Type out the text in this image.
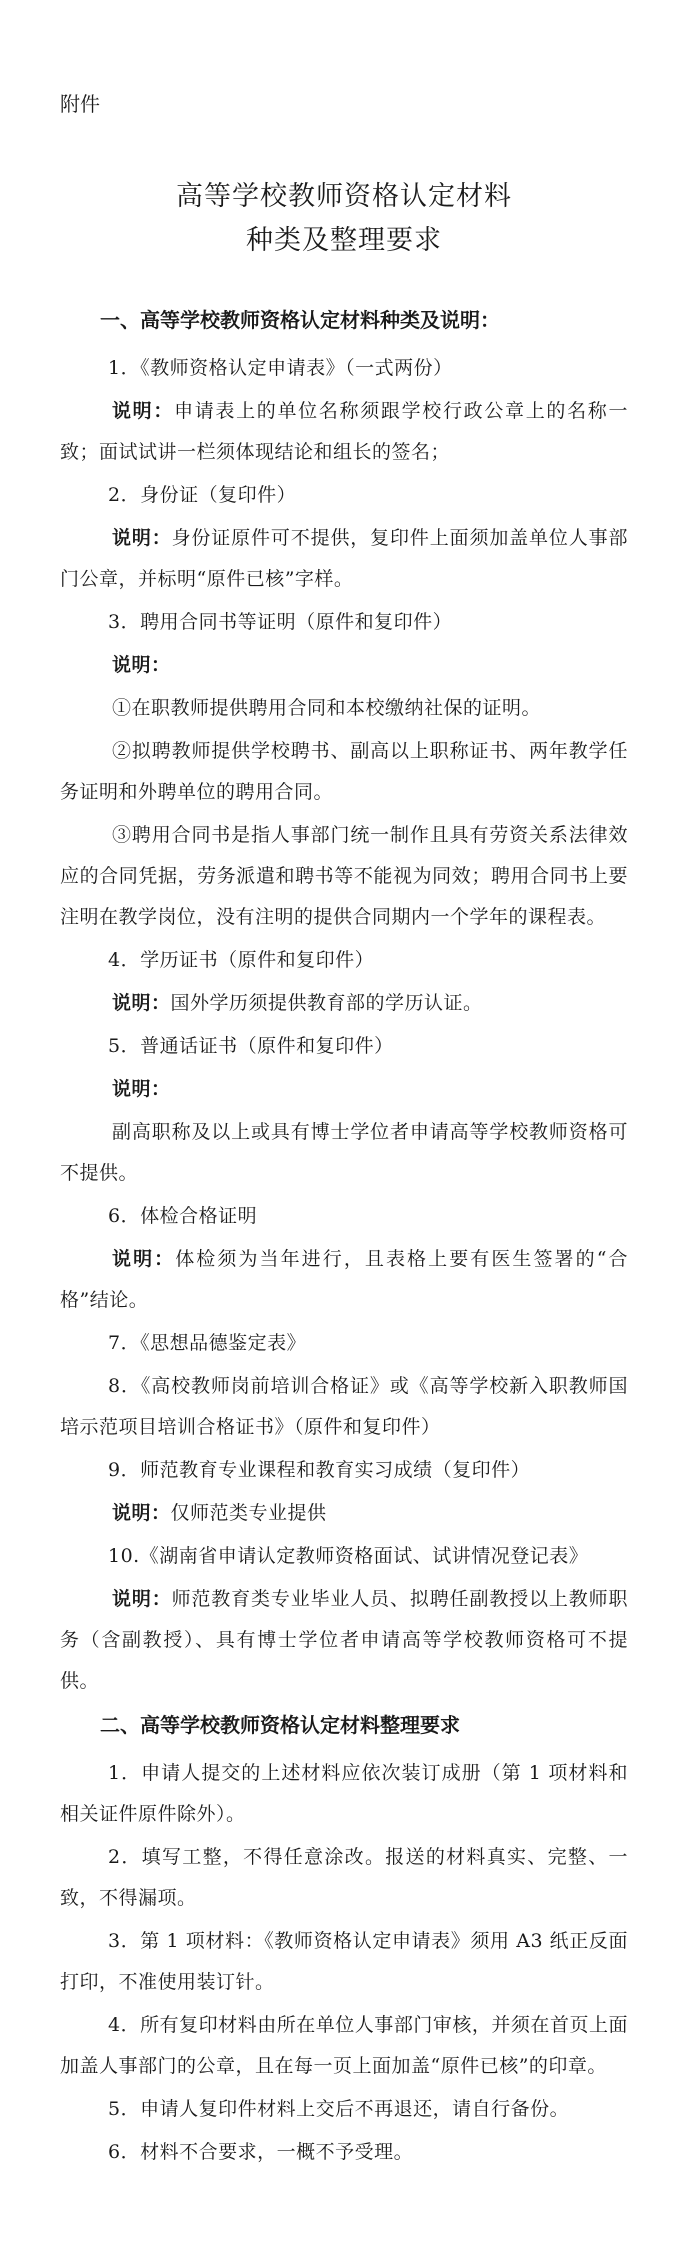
附件
高等学校教师资格认定材料
种类及整理要求
一、高等学校教师资格认定材料种类及说明：
1．《教师资格认定申请表》（一式两份）
说明：申请表上的单位名称须跟学校行政公章上的名称一致；面试试讲一栏须体现结论和组长的签名；
2．身份证（复印件）
说明：身份证原件可不提供，复印件上面须加盖单位人事部门公章，并标明“原件已核”字样。
3．聘用合同书等证明（原件和复印件）
说明：
①在职教师提供聘用合同和本校缴纳社保的证明。
②拟聘教师提供学校聘书、副高以上职称证书、两年教学任务证明和外聘单位的聘用合同。
③聘用合同书是指人事部门统一制作且具有劳资关系法律效应的合同凭据，劳务派遣和聘书等不能视为同效；聘用合同书上要注明在教学岗位，没有注明的提供合同期内一个学年的课程表。
4．学历证书（原件和复印件）
说明：国外学历须提供教育部的学历认证。
5．普通话证书（原件和复印件）
说明：
副高职称及以上或具有博士学位者申请高等学校教师资格可不提供。
6．体检合格证明
说明：体检须为当年进行，且表格上要有医生签署的“合格”结论。
7．《思想品德鉴定表》
8．《高校教师岗前培训合格证》或《高等学校新入职教师国培示范项目培训合格证书》（原件和复印件）
9．师范教育专业课程和教育实习成绩（复印件）
说明：仅师范类专业提供
10.《湖南省申请认定教师资格面试、试讲情况登记表》
说明：师范教育类专业毕业人员、拟聘任副教授以上教师职务（含副教授）、具有博士学位者申请高等学校教师资格可不提供。
二、高等学校教师资格认定材料整理要求
1．申请人提交的上述材料应依次装订成册（第 1 项材料和相关证件原件除外）。
2．填写工整，不得任意涂改。报送的材料真实、完整、一致，不得漏项。
3．第 1 项材料：《教师资格认定申请表》须用 A3 纸正反面打印，不准使用装订针。
4．所有复印材料由所在单位人事部门审核，并须在首页上面加盖人事部门的公章，且在每一页上面加盖“原件已核”的印章。
5．申请人复印件材料上交后不再退还，请自行备份。
6．材料不合要求，一概不予受理。
